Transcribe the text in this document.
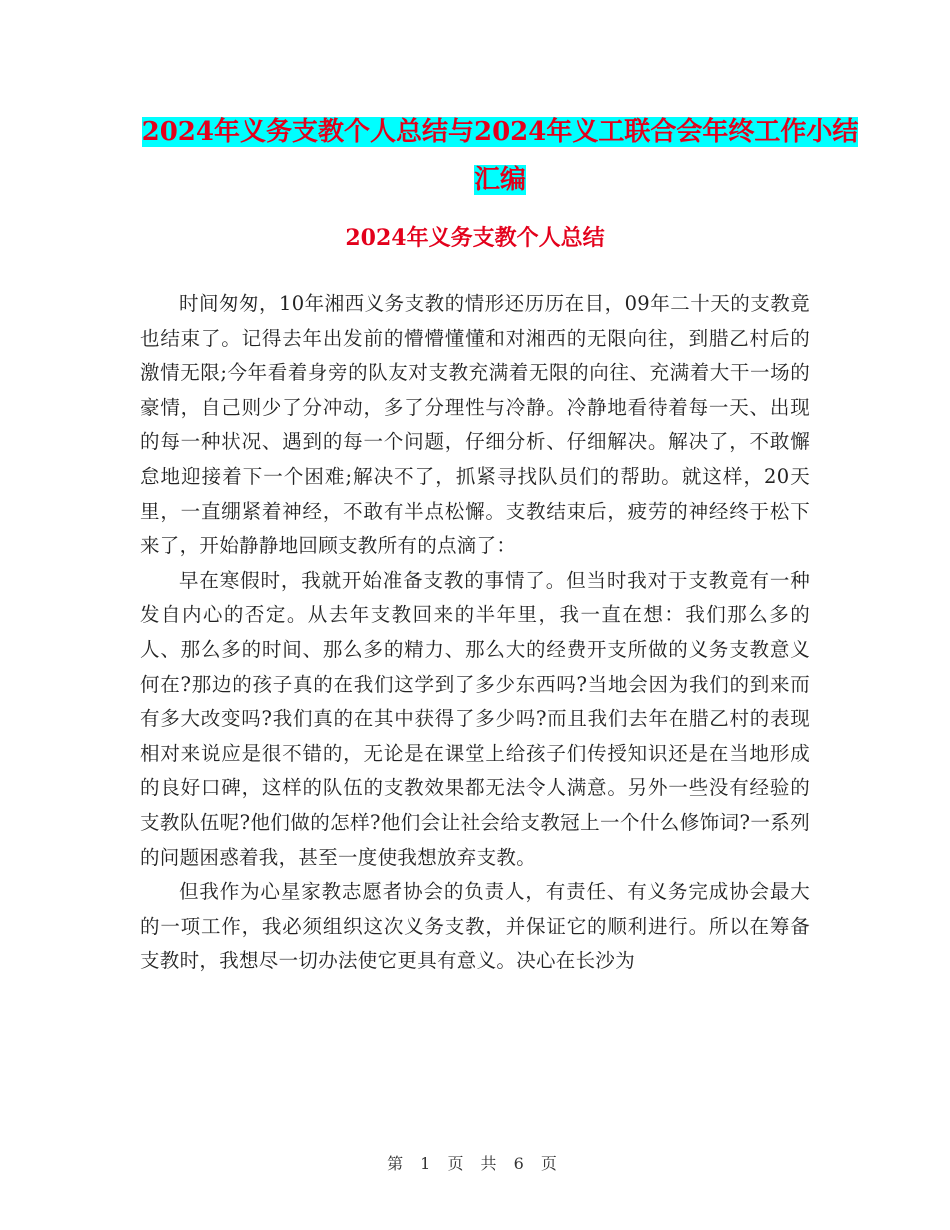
2024年义务支教个人总结与2024年义工联合会年终工作小结汇编
2024年义务支教个人总结

时间匆匆，10年湘西义务支教的情形还历历在目，09年二十天的支教竟也结束了。记得去年出发前的懵懵懂懂和对湘西的无限向往，到腊乙村后的激情无限;今年看着身旁的队友对支教充满着无限的向往、充满着大干一场的豪情，自己则少了分冲动，多了分理性与冷静。冷静地看待着每一天、出现的每一种状况、遇到的每一个问题，仔细分析、仔细解决。解决了，不敢懈怠地迎接着下一个困难;解决不了，抓紧寻找队员们的帮助。就这样，20天里，一直绷紧着神经，不敢有半点松懈。支教结束后，疲劳的神经终于松下来了，开始静静地回顾支教所有的点滴了：

早在寒假时，我就开始准备支教的事情了。但当时我对于支教竟有一种发自内心的否定。从去年支教回来的半年里，我一直在想：我们那么多的人、那么多的时间、那么多的精力、那么大的经费开支所做的义务支教意义何在?那边的孩子真的在我们这学到了多少东西吗?当地会因为我们的到来而有多大改变吗?我们真的在其中获得了多少吗?而且我们去年在腊乙村的表现相对来说应是很不错的，无论是在课堂上给孩子们传授知识还是在当地形成的良好口碑，这样的队伍的支教效果都无法令人满意。另外一些没有经验的支教队伍呢?他们做的怎样?他们会让社会给支教冠上一个什么修饰词?一系列的问题困惑着我，甚至一度使我想放弃支教。

但我作为心星家教志愿者协会的负责人，有责任、有义务完成协会最大的一项工作，我必须组织这次义务支教，并保证它的顺利进行。所以在筹备支教时，我想尽一切办法使它更具有意义。决心在长沙为

第 1 页 共 6 页
